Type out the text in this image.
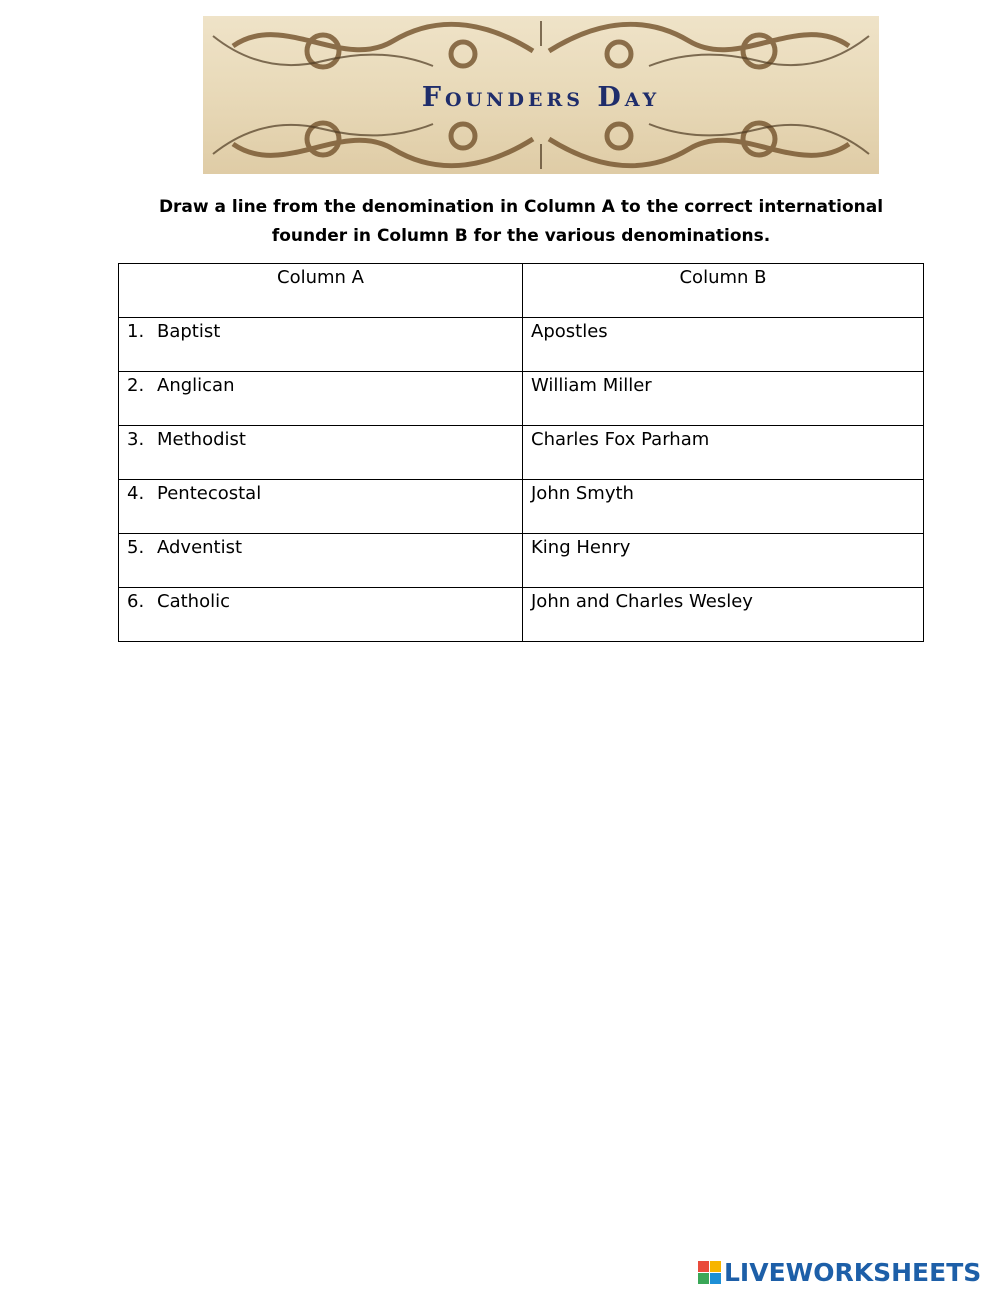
Founders Day
Draw a line from the denomination in Column A to the correct international
founder in Column B for the various denominations.
Column A	Column B
1. Baptist	Apostles
2. Anglican	William Miller
3. Methodist	Charles Fox Parham
4. Pentecostal	John Smyth
5. Adventist	King Henry
6. Catholic	John and Charles Wesley
LIVEWORKSHEETS
